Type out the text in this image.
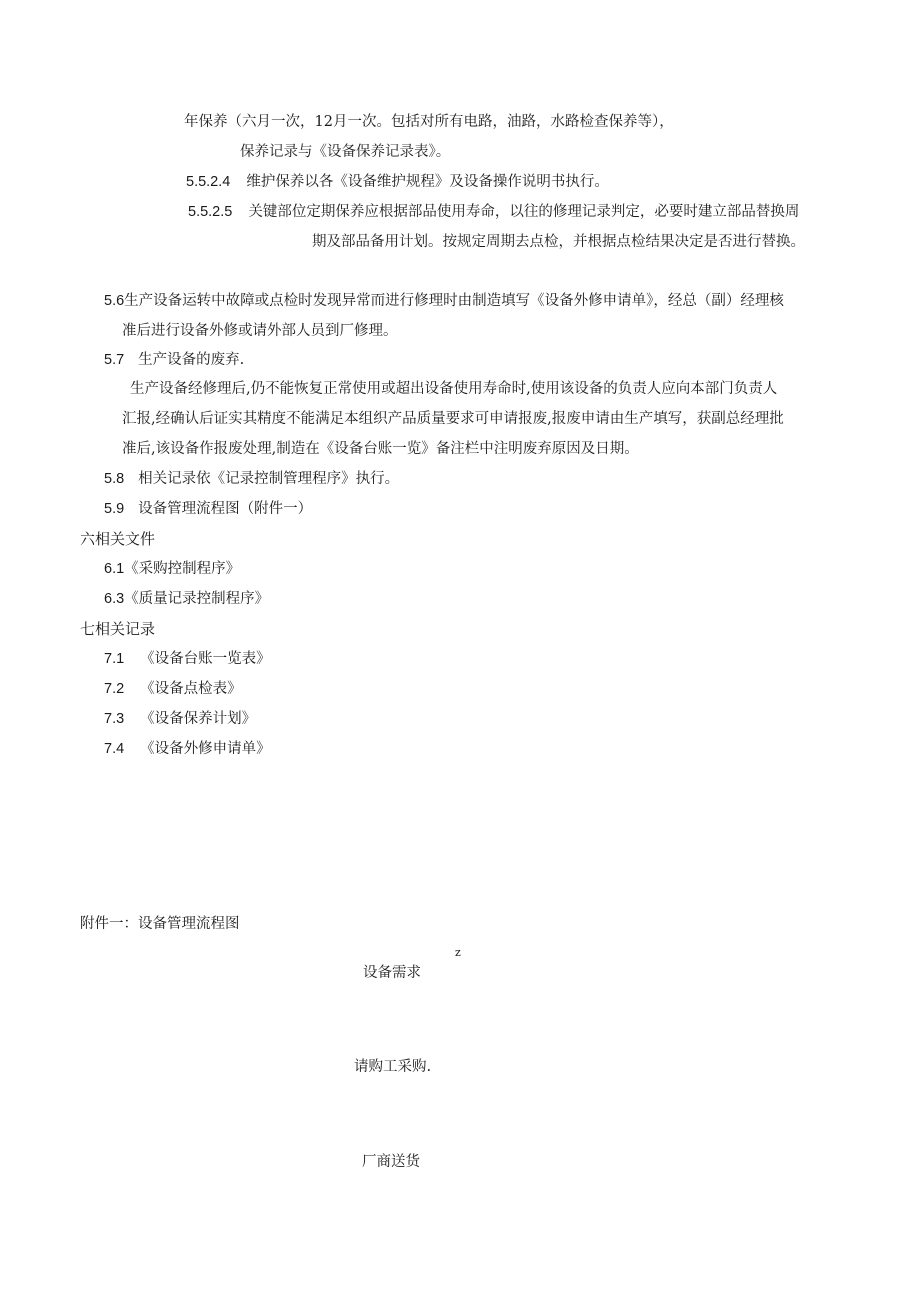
年保养（六月一次，12月一次。包括对所有电路，油路，水路检查保养等），
保养记录与《设备保养记录表》。
5.5.2.4 维护保养以各《设备维护规程》及设备操作说明书执行。
5.5.2.5 关键部位定期保养应根据部品使用寿命，以往的修理记录判定，必要时建立部品替换周
期及部品备用计划。按规定周期去点检，并根据点检结果决定是否进行替换。
5.6生产设备运转中故障或点检时发现异常而进行修理时由制造填写《设备外修申请单》，经总（副）经理核
准后进行设备外修或请外部人员到厂修理。
5.7 生产设备的废弃.
生产设备经修理后,仍不能恢复正常使用或超出设备使用寿命时,使用该设备的负责人应向本部门负责人
汇报,经确认后证实其精度不能满足本组织产品质量要求可申请报废,报废申请由生产填写，获副总经理批
准后,该设备作报废处理,制造在《设备台账一览》备注栏中注明废弃原因及日期。
5.8 相关记录依《记录控制管理程序》执行。
5.9 设备管理流程图（附件一）
六相关文件
6.1《采购控制程序》
6.3《质量记录控制程序》
七相关记录
7.1 《设备台账一览表》
7.2 《设备点检表》
7.3 《设备保养计划》
7.4 《设备外修申请单》
附件一：设备管理流程图
z
设备需求
请购工采购.
厂商送货
